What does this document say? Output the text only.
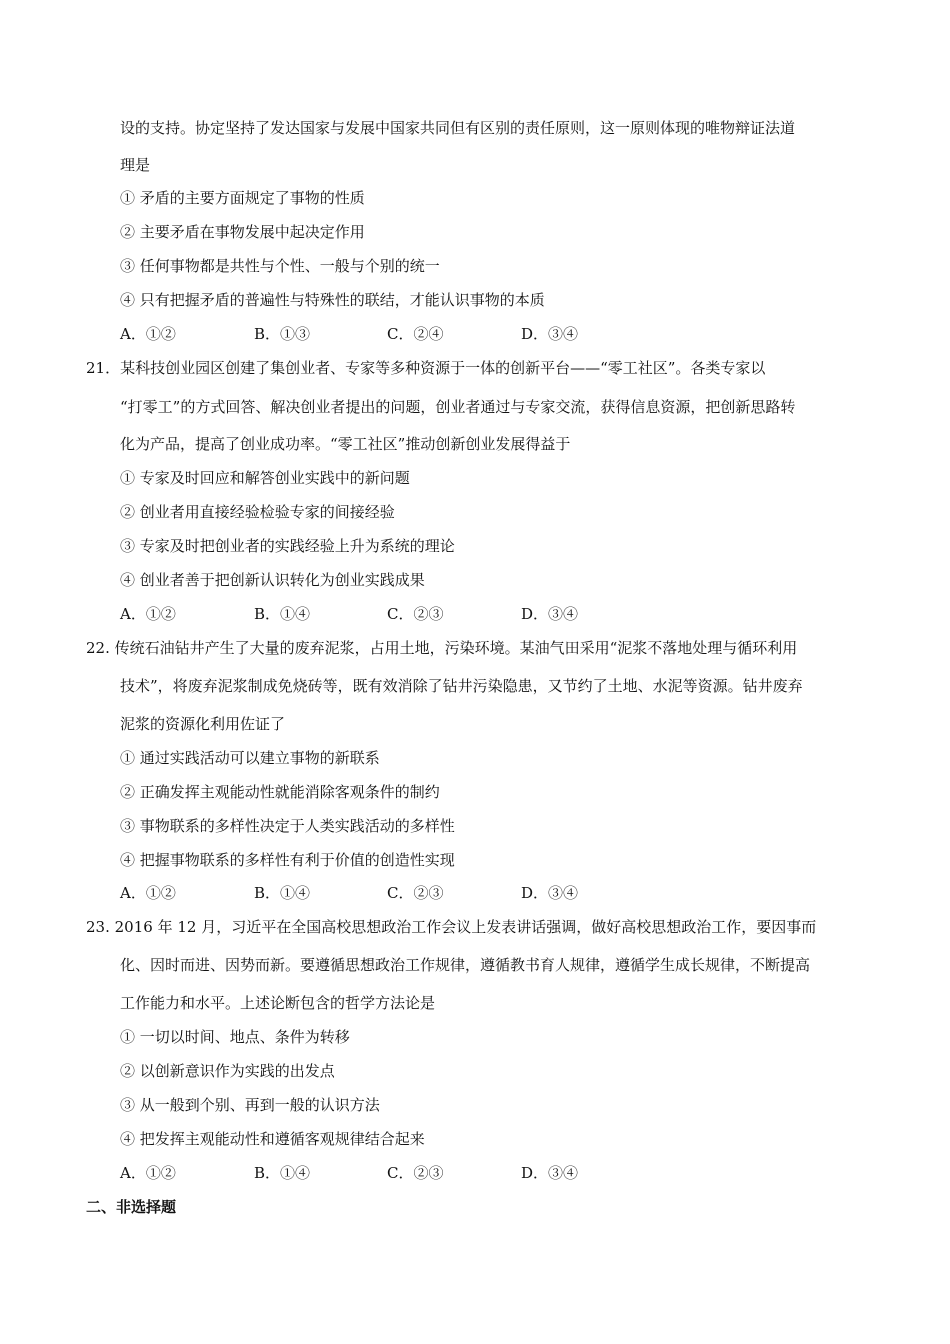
设的支持。协定坚持了发达国家与发展中国家共同但有区别的责任原则，这一原则体现的唯物辩证法道
理是
① 矛盾的主要方面规定了事物的性质
② 主要矛盾在事物发展中起决定作用
③ 任何事物都是共性与个性、一般与个别的统一
④ 只有把握矛盾的普遍性与特殊性的联结，才能认识事物的本质
A．①②	B．①③	C．②④	D．③④
21．某科技创业园区创建了集创业者、专家等多种资源于一体的创新平台——“零工社区”。各类专家以
“打零工”的方式回答、解决创业者提出的问题，创业者通过与专家交流，获得信息资源，把创新思路转
化为产品，提高了创业成功率。“零工社区”推动创新创业发展得益于
① 专家及时回应和解答创业实践中的新问题
② 创业者用直接经验检验专家的间接经验
③ 专家及时把创业者的实践经验上升为系统的理论
④ 创业者善于把创新认识转化为创业实践成果
A．①②	B．①④	C．②③	D．③④
22. 传统石油钻井产生了大量的废弃泥浆，占用土地，污染环境。某油气田采用“泥浆不落地处理与循环利用
技术”，将废弃泥浆制成免烧砖等，既有效消除了钻井污染隐患，又节约了土地、水泥等资源。钻井废弃
泥浆的资源化利用佐证了
① 通过实践活动可以建立事物的新联系
② 正确发挥主观能动性就能消除客观条件的制约
③ 事物联系的多样性决定于人类实践活动的多样性
④ 把握事物联系的多样性有利于价值的创造性实现
A．①②	B．①④	C．②③	D．③④
23. 2016 年 12 月，习近平在全国高校思想政治工作会议上发表讲话强调，做好高校思想政治工作，要因事而
化、因时而进、因势而新。要遵循思想政治工作规律，遵循教书育人规律，遵循学生成长规律，不断提高
工作能力和水平。上述论断包含的哲学方法论是
① 一切以时间、地点、条件为转移
② 以创新意识作为实践的出发点
③ 从一般到个别、再到一般的认识方法
④ 把发挥主观能动性和遵循客观规律结合起来
A．①②	B．①④	C．②③	D．③④
二、非选择题
